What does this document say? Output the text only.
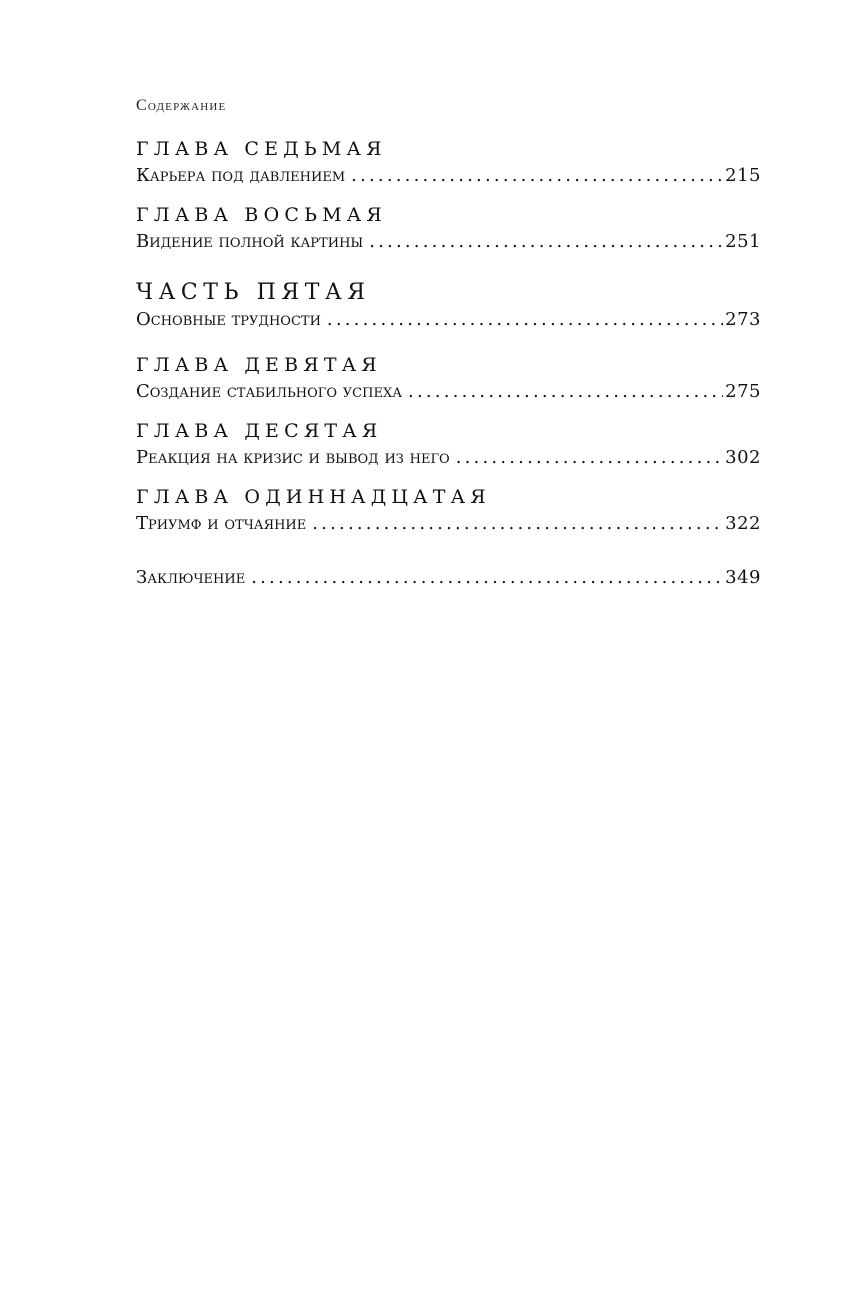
Содержание
ГЛАВА СЕДЬМАЯ
Карьера под давлением .....	215
ГЛАВА ВОСЬМАЯ
Видение полной картины .....	251
ЧАСТЬ ПЯТАЯ
Основные трудности .....	273
ГЛАВА ДЕВЯТАЯ
Создание стабильного успеха .....	275
ГЛАВА ДЕСЯТАЯ
Реакция на кризис и вывод из него .....	302
ГЛАВА ОДИННАДЦАТАЯ
Триумф и отчаяние .....	322
Заключение .....	349
